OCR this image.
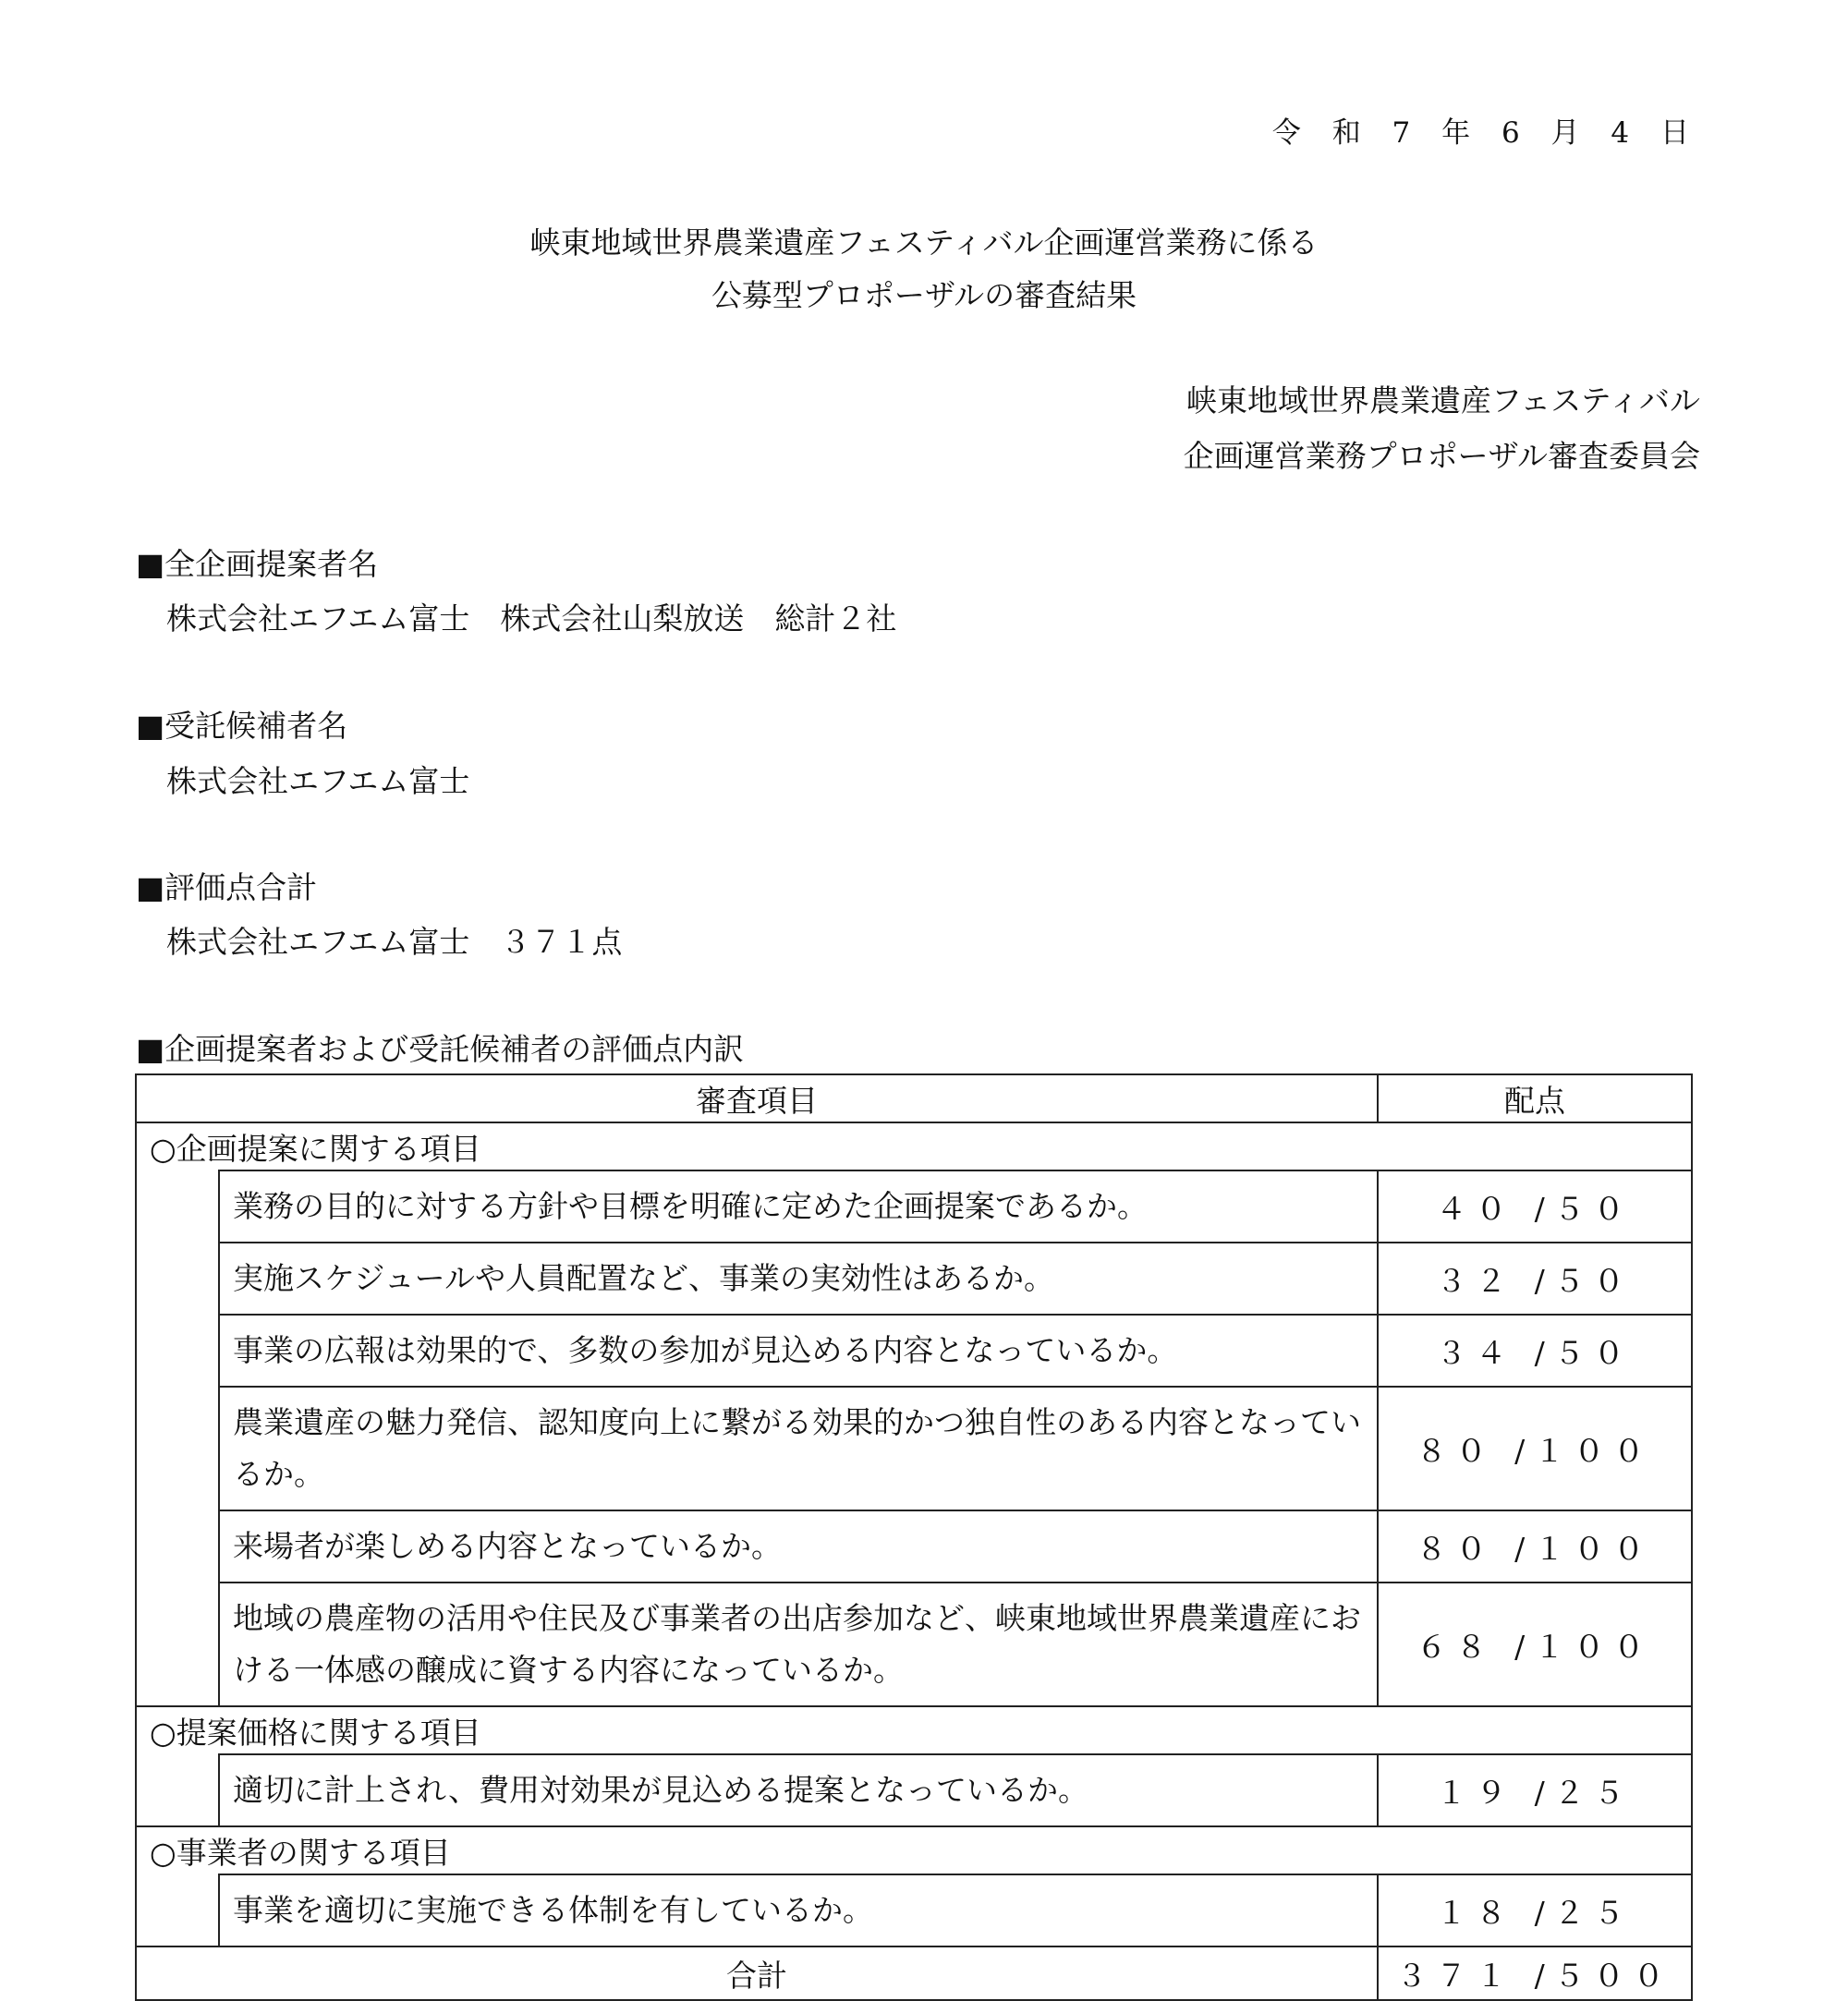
令 和 7 年 6 月 4 日
峡東地域世界農業遺産フェスティバル企画運営業務に係る
公募型プロポーザルの審査結果
峡東地域世界農業遺産フェスティバル
企画運営業務プロポーザル審査委員会
■全企画提案者名
株式会社エフエム富士　株式会社山梨放送　総計２社
■受託候補者名
株式会社エフエム富士
■評価点合計
株式会社エフエム富士　３７１点
■企画提案者および受託候補者の評価点内訳
審査項目		配点
○企画提案に関する項目		
	業務の目的に対する方針や目標を明確に定めた企画提案であるか。	４０ /５０
	実施スケジュールや人員配置など、事業の実効性はあるか。	３２ /５０
	事業の広報は効果的で、多数の参加が見込める内容となっているか。	３４ /５０
	農業遺産の魅力発信、認知度向上に繋がる効果的かつ独自性のある内容となっているか。	８０ /１００
	来場者が楽しめる内容となっているか。	８０ /１００
	地域の農産物の活用や住民及び事業者の出店参加など、峡東地域世界農業遺産における一体感の醸成に資する内容になっているか。	６８ /１００
○提案価格に関する項目		
	適切に計上され、費用対効果が見込める提案となっているか。	１９ /２５
○事業者の関する項目		
	事業を適切に実施できる体制を有しているか。	１８ /２５
合計		３７１ /５００
